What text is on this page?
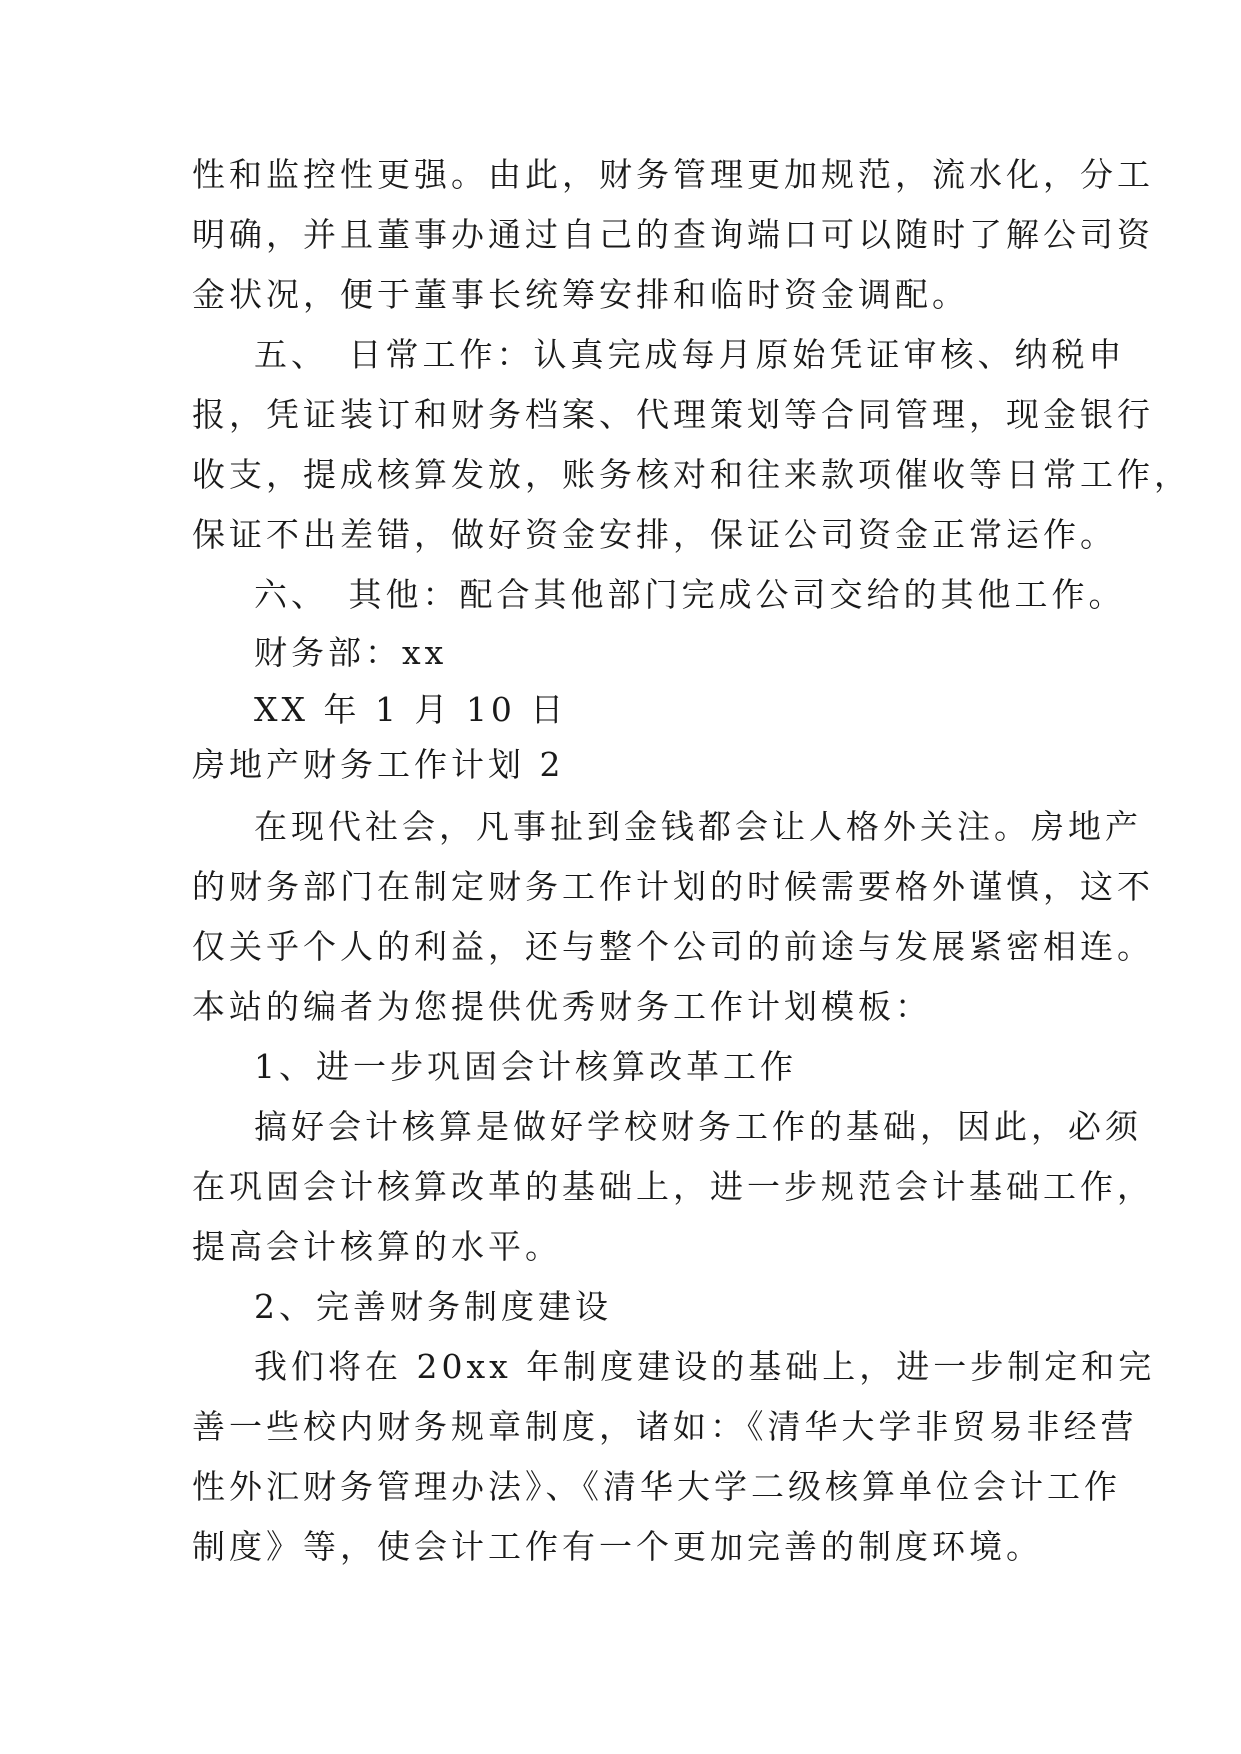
性和监控性更强。由此，财务管理更加规范，流水化，分工
明确，并且董事办通过自己的查询端口可以随时了解公司资
金状况，便于董事长统筹安排和临时资金调配。
五、　日常工作：认真完成每月原始凭证审核、纳税申
报，凭证装订和财务档案、代理策划等合同管理，现金银行
收支，提成核算发放，账务核对和往来款项催收等日常工作，
保证不出差错，做好资金安排，保证公司资金正常运作。
六、　其他：配合其他部门完成公司交给的其他工作。
财务部：xx
XX 年 1 月 10 日
房地产财务工作计划 2
在现代社会，凡事扯到金钱都会让人格外关注。房地产
的财务部门在制定财务工作计划的时候需要格外谨慎，这不
仅关乎个人的利益，还与整个公司的前途与发展紧密相连。
本站的编者为您提供优秀财务工作计划模板：
1、进一步巩固会计核算改革工作
搞好会计核算是做好学校财务工作的基础，因此，必须
在巩固会计核算改革的基础上，进一步规范会计基础工作，
提高会计核算的水平。
2、完善财务制度建设
我们将在 20xx 年制度建设的基础上，进一步制定和完
善一些校内财务规章制度，诸如：《清华大学非贸易非经营
性外汇财务管理办法》、《清华大学二级核算单位会计工作
制度》等，使会计工作有一个更加完善的制度环境。
